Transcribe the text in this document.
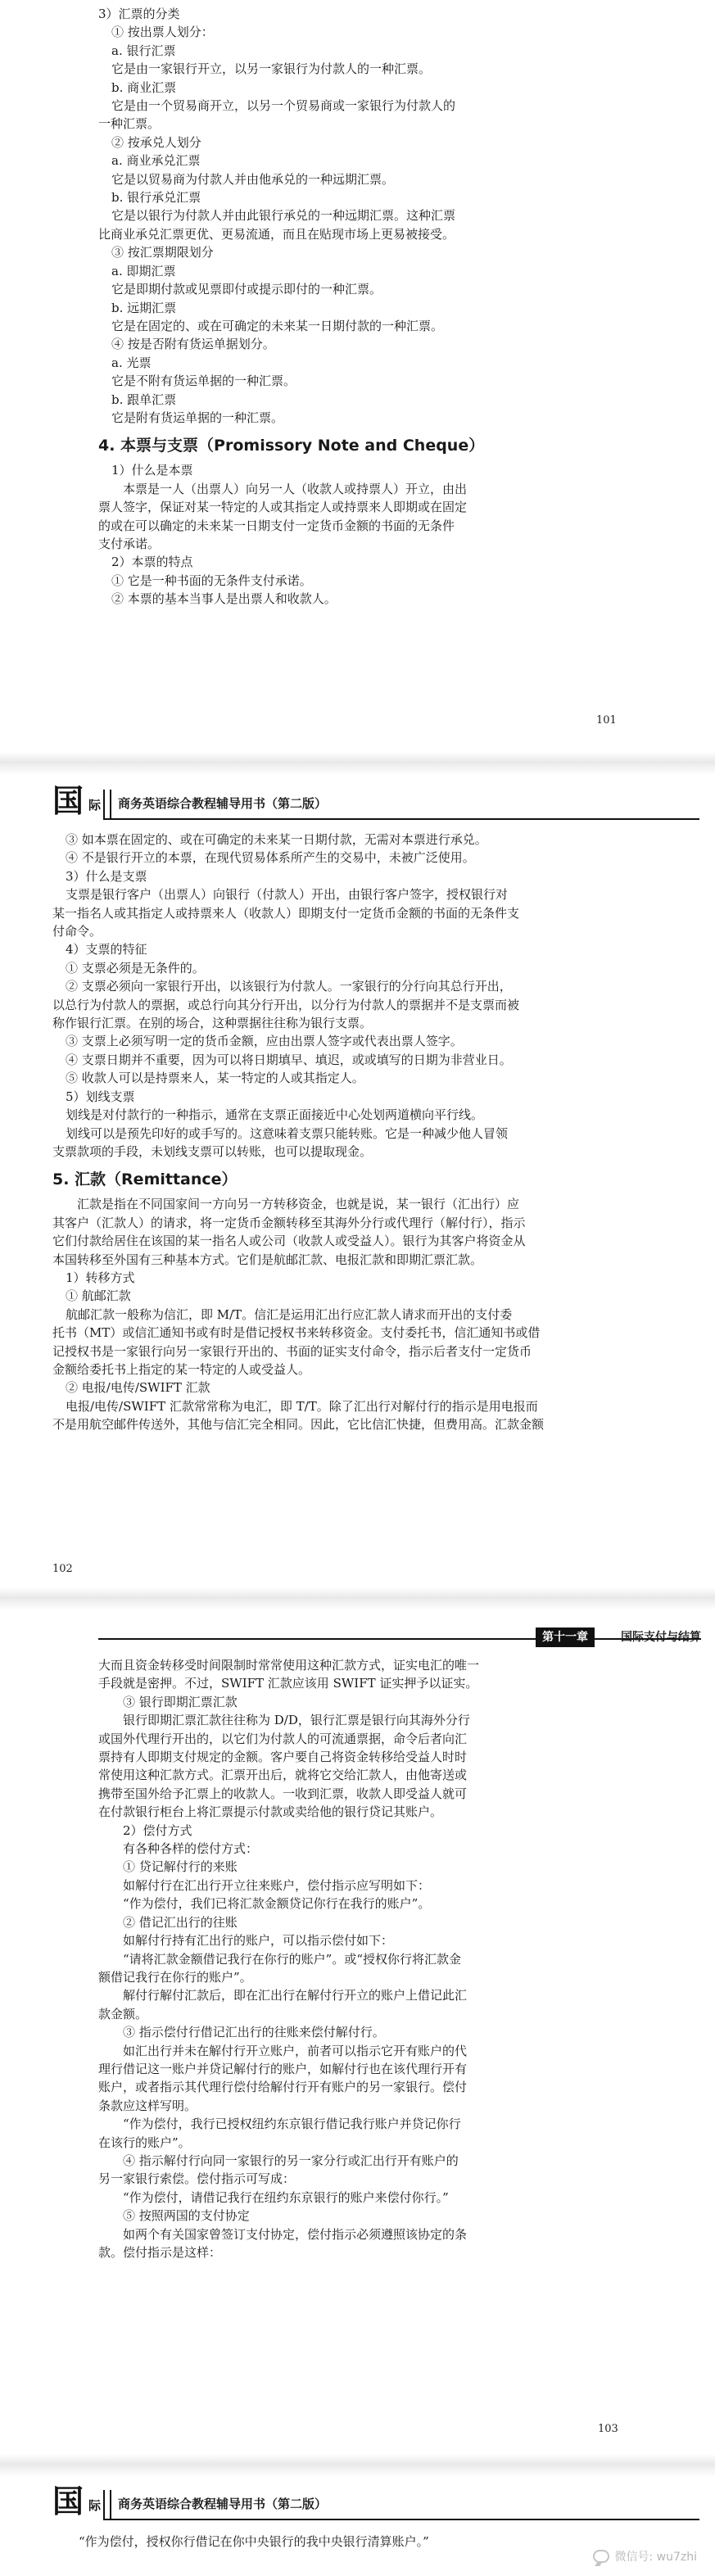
3）汇票的分类
① 按出票人划分：
a. 银行汇票
它是由一家银行开立，以另一家银行为付款人的一种汇票。
b. 商业汇票
它是由一个贸易商开立，以另一个贸易商或一家银行为付款人的
一种汇票。
② 按承兑人划分
a. 商业承兑汇票
它是以贸易商为付款人并由他承兑的一种远期汇票。
b. 银行承兑汇票
它是以银行为付款人并由此银行承兑的一种远期汇票。这种汇票
比商业承兑汇票更优、更易流通，而且在贴现市场上更易被接受。
③ 按汇票期限划分
a. 即期汇票
它是即期付款或见票即付或提示即付的一种汇票。
b. 远期汇票
它是在固定的、或在可确定的未来某一日期付款的一种汇票。
④ 按是否附有货运单据划分。
a. 光票
它是不附有货运单据的一种汇票。
b. 跟单汇票
它是附有货运单据的一种汇票。
4. 本票与支票（Promissory Note and Cheque）
1）什么是本票
本票是一人（出票人）向另一人（收款人或持票人）开立，由出
票人签字，保证对某一特定的人或其指定人或持票来人即期或在固定
的或在可以确定的未来某一日期支付一定货币金额的书面的无条件
支付承诺。
2）本票的特点
① 它是一种书面的无条件支付承诺。
② 本票的基本当事人是出票人和收款人。
101
国 际 商务英语综合教程辅导用书（第二版）
③ 如本票在固定的、或在可确定的未来某一日期付款，无需对本票进行承兑。
④ 不是银行开立的本票，在现代贸易体系所产生的交易中，未被广泛使用。
3）什么是支票
支票是银行客户（出票人）向银行（付款人）开出，由银行客户签字，授权银行对
某一指名人或其指定人或持票来人（收款人）即期支付一定货币金额的书面的无条件支
付命令。
4）支票的特征
① 支票必须是无条件的。
② 支票必须向一家银行开出，以该银行为付款人。一家银行的分行向其总行开出，
以总行为付款人的票据，或总行向其分行开出，以分行为付款人的票据并不是支票而被
称作银行汇票。在别的场合，这种票据往往称为银行支票。
③ 支票上必须写明一定的货币金额，应由出票人签字或代表出票人签字。
④ 支票日期并不重要，因为可以将日期填早、填迟，或或填写的日期为非营业日。
⑤ 收款人可以是持票来人，某一特定的人或其指定人。
5）划线支票
划线是对付款行的一种指示，通常在支票正面接近中心处划两道横向平行线。
划线可以是预先印好的或手写的。这意味着支票只能转账。它是一种减少他人冒领
支票款项的手段，未划线支票可以转账，也可以提取现金。
5. 汇款（Remittance）
汇款是指在不同国家间一方向另一方转移资金，也就是说，某一银行（汇出行）应
其客户（汇款人）的请求，将一定货币金额转移至其海外分行或代理行（解付行），指示
它们付款给居住在该国的某一指名人或公司（收款人或受益人）。银行为其客户将资金从
本国转移至外国有三种基本方式。它们是航邮汇款、电报汇款和即期汇票汇款。
1）转移方式
① 航邮汇款
航邮汇款一般称为信汇，即 M/T。信汇是运用汇出行应汇款人请求而开出的支付委
托书（MT）或信汇通知书或有时是借记授权书来转移资金。支付委托书，信汇通知书或借
记授权书是一家银行向另一家银行开出的、书面的证实支付命令，指示后者支付一定货币
金额给委托书上指定的某一特定的人或受益人。
② 电报/电传/SWIFT 汇款
电报/电传/SWIFT 汇款常常称为电汇，即 T/T。除了汇出行对解付行的指示是用电报而
不是用航空邮件传送外，其他与信汇完全相同。因此，它比信汇快捷，但费用高。汇款金额
102
第十一章	国际支付与结算
大而且资金转移受时间限制时常常使用这种汇款方式，证实电汇的唯一
手段就是密押。不过，SWIFT 汇款应该用 SWIFT 证实押予以证实。
③ 银行即期汇票汇款
银行即期汇票汇款往往称为 D/D，银行汇票是银行向其海外分行
或国外代理行开出的，以它们为付款人的可流通票据，命令后者向汇
票持有人即期支付规定的金额。客户要自己将资金转移给受益人时时
常使用这种汇款方式。汇票开出后，就将它交给汇款人，由他寄送或
携带至国外给予汇票上的收款人。一收到汇票，收款人即受益人就可
在付款银行柜台上将汇票提示付款或卖给他的银行贷记其账户。
2）偿付方式
有各种各样的偿付方式：
① 贷记解付行的来账
如解付行在汇出行开立往来账户，偿付指示应写明如下：
“作为偿付，我们已将汇款金额贷记你行在我行的账户”。
② 借记汇出行的往账
如解付行持有汇出行的账户，可以指示偿付如下：
“请将汇款金额借记我行在你行的账户”。或“授权你行将汇款金
额借记我行在你行的账户”。
解付行解付汇款后，即在汇出行在解付行开立的账户上借记此汇
款金额。
③ 指示偿付行借记汇出行的往账来偿付解付行。
如汇出行并未在解付行开立账户，前者可以指示它开有账户的代
理行借记这一账户并贷记解付行的账户，如解付行也在该代理行开有
账户，或者指示其代理行偿付给解付行开有账户的另一家银行。偿付
条款应这样写明。
“作为偿付，我行已授权纽约东京银行借记我行账户并贷记你行
在该行的账户”。
④ 指示解付行向同一家银行的另一家分行或汇出行开有账户的
另一家银行索偿。偿付指示可写成：
“作为偿付，请借记我行在纽约东京银行的账户来偿付你行。”
⑤ 按照两国的支付协定
如两个有关国家曾签订支付协定，偿付指示必须遵照该协定的条
款。偿付指示是这样：
103
国 际 商务英语综合教程辅导用书（第二版）
“作为偿付，授权你行借记在你中央银行的我中央银行清算账户。”
微信号: wu7zhi
